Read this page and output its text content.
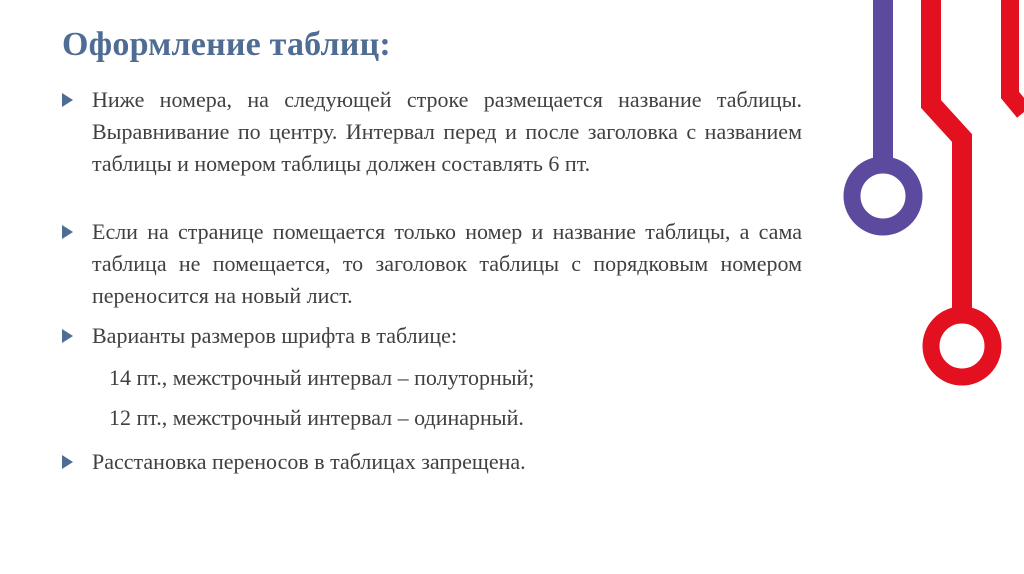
Оформление таблиц:
Ниже номера, на следующей строке размещается название таблицы. Выравнивание по центру. Интервал перед и после заголовка с названием таблицы и номером таблицы должен составлять 6 пт.
Если на странице помещается только номер и название таблицы, а сама таблица не помещается, то заголовок таблицы с порядковым номером переносится на новый лист.
Варианты размеров шрифта в таблице:
14 пт., межстрочный интервал – полуторный;
12 пт., межстрочный интервал – одинарный.
Расстановка переносов в таблицах запрещена.
